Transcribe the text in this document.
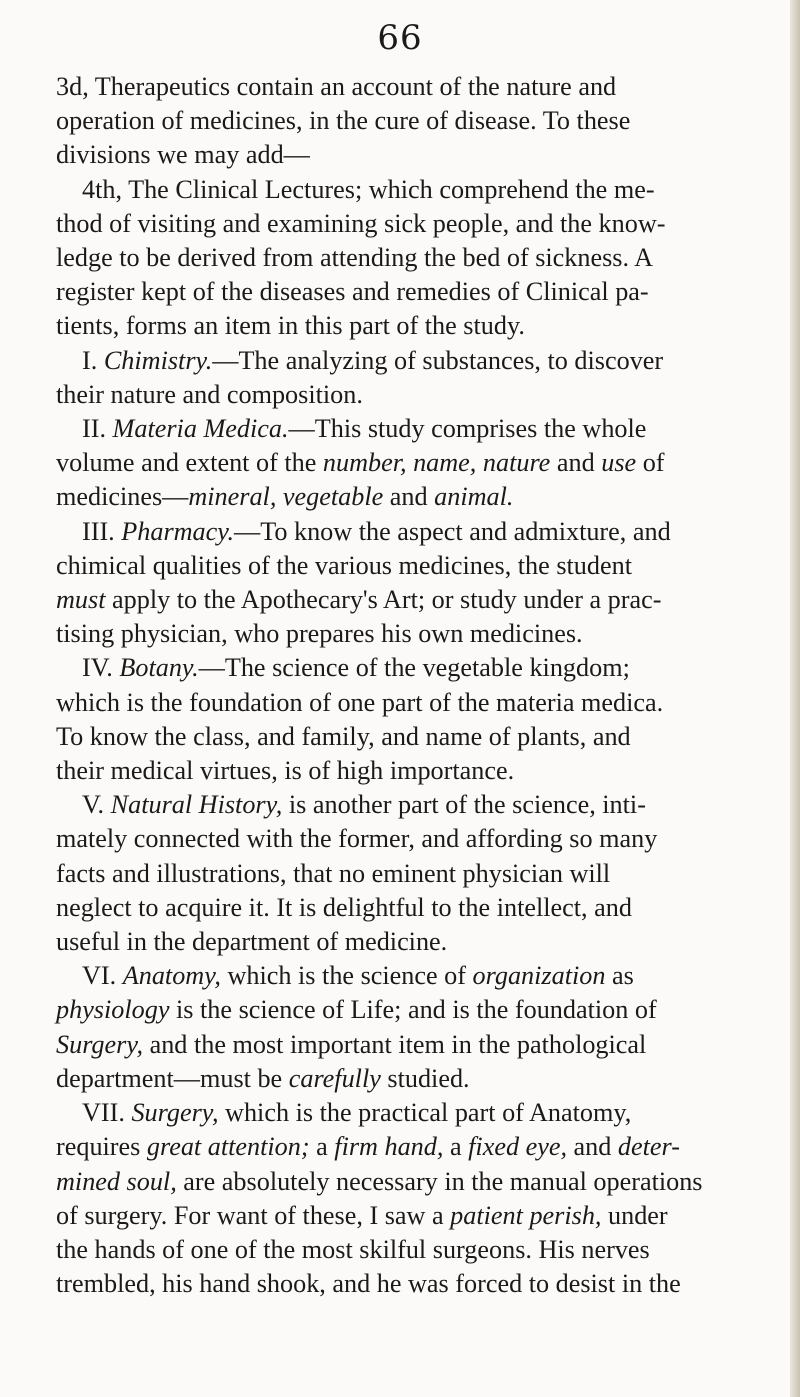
66
3d, Therapeutics contain an account of the nature and
operation of medicines, in the cure of disease. To these
divisions we may add—
4th, The Clinical Lectures; which comprehend the me-
thod of visiting and examining sick people, and the know-
ledge to be derived from attending the bed of sickness. A
register kept of the diseases and remedies of Clinical pa-
tients, forms an item in this part of the study.
I. Chimistry.—The analyzing of substances, to discover
their nature and composition.
II. Materia Medica.—This study comprises the whole
volume and extent of the number, name, nature and use of
medicines—mineral, vegetable and animal.
III. Pharmacy.—To know the aspect and admixture, and
chimical qualities of the various medicines, the student
must apply to the Apothecary's Art; or study under a prac-
tising physician, who prepares his own medicines.
IV. Botany.—The science of the vegetable kingdom;
which is the foundation of one part of the materia medica.
To know the class, and family, and name of plants, and
their medical virtues, is of high importance.
V. Natural History, is another part of the science, inti-
mately connected with the former, and affording so many
facts and illustrations, that no eminent physician will
neglect to acquire it. It is delightful to the intellect, and
useful in the department of medicine.
VI. Anatomy, which is the science of organization as
physiology is the science of Life; and is the foundation of
Surgery, and the most important item in the pathological
department—must be carefully studied.
VII. Surgery, which is the practical part of Anatomy,
requires great attention; a firm hand, a fixed eye, and deter-
mined soul, are absolutely necessary in the manual operations
of surgery. For want of these, I saw a patient perish, under
the hands of one of the most skilful surgeons. His nerves
trembled, his hand shook, and he was forced to desist in the
